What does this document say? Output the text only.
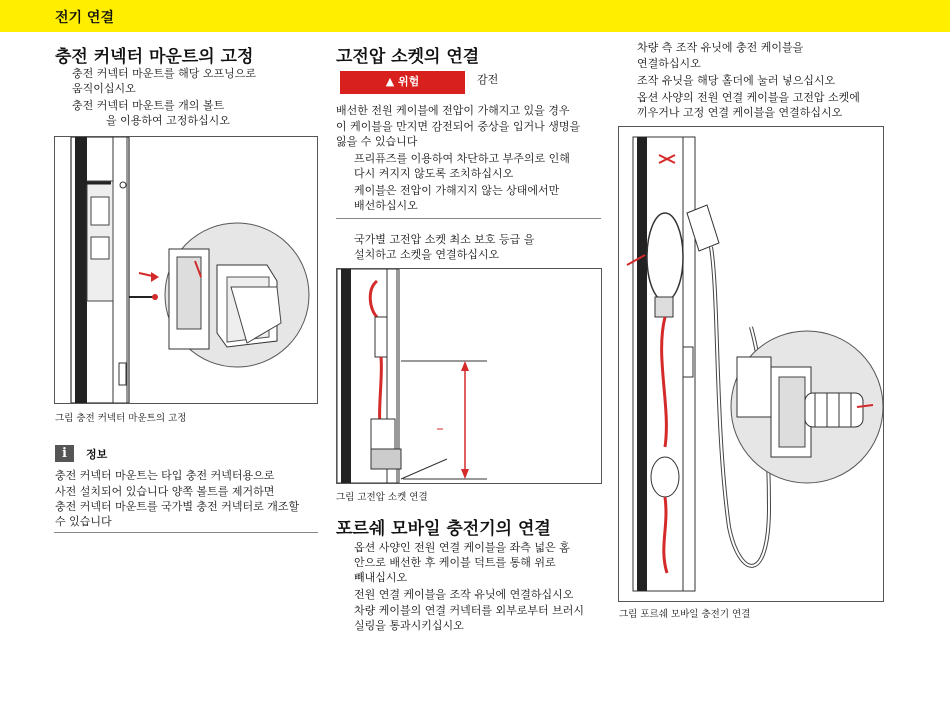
전기 연결
충전 커넥터 마운트의 고정
충전 커넥터 마운트를 해당 오프닝으로
움직이십시오
충전 커넥터 마운트를 개의 볼트
을 이용하여 고정하십시오
그림 충전 커넥터 마운트의 고정
i	정보
충전 커넥터 마운트는 타입 충전 커넥터용으로
사전 설치되어 있습니다 양쪽 볼트를 제거하면
충전 커넥터 마운트를 국가별 충전 커넥터로 개조할
수 있습니다
고전압 소켓의 연결
▲ 위험	감전
배선한 전원 케이블에 전압이 가해지고 있을 경우
이 케이블을 만지면 감전되어 중상을 입거나 생명을
잃을 수 있습니다
프리퓨즈를 이용하여 차단하고 부주의로 인해
다시 켜지지 않도록 조치하십시오
케이블은 전압이 가해지지 않는 상태에서만
배선하십시오
국가별 고전압 소켓 최소 보호 등급 을
설치하고 소켓을 연결하십시오
그림 고전압 소켓 연결
포르쉐 모바일 충전기의 연결
옵션 사양인 전원 연결 케이블을 좌측 넓은 홈
안으로 배선한 후 케이블 덕트를 통해 위로
빼내십시오
전원 연결 케이블을 조작 유닛에 연결하십시오
차량 케이블의 연결 커넥터를 외부로부터 브러시
실링을 통과시키십시오
차량 측 조작 유닛에 충전 케이블을
연결하십시오
조작 유닛을 해당 홀더에 눌러 넣으십시오
옵션 사양의 전원 연결 케이블을 고전압 소켓에
끼우거나 고정 연결 케이블을 연결하십시오
그림 포르쉐 모바일 충전기 연결
